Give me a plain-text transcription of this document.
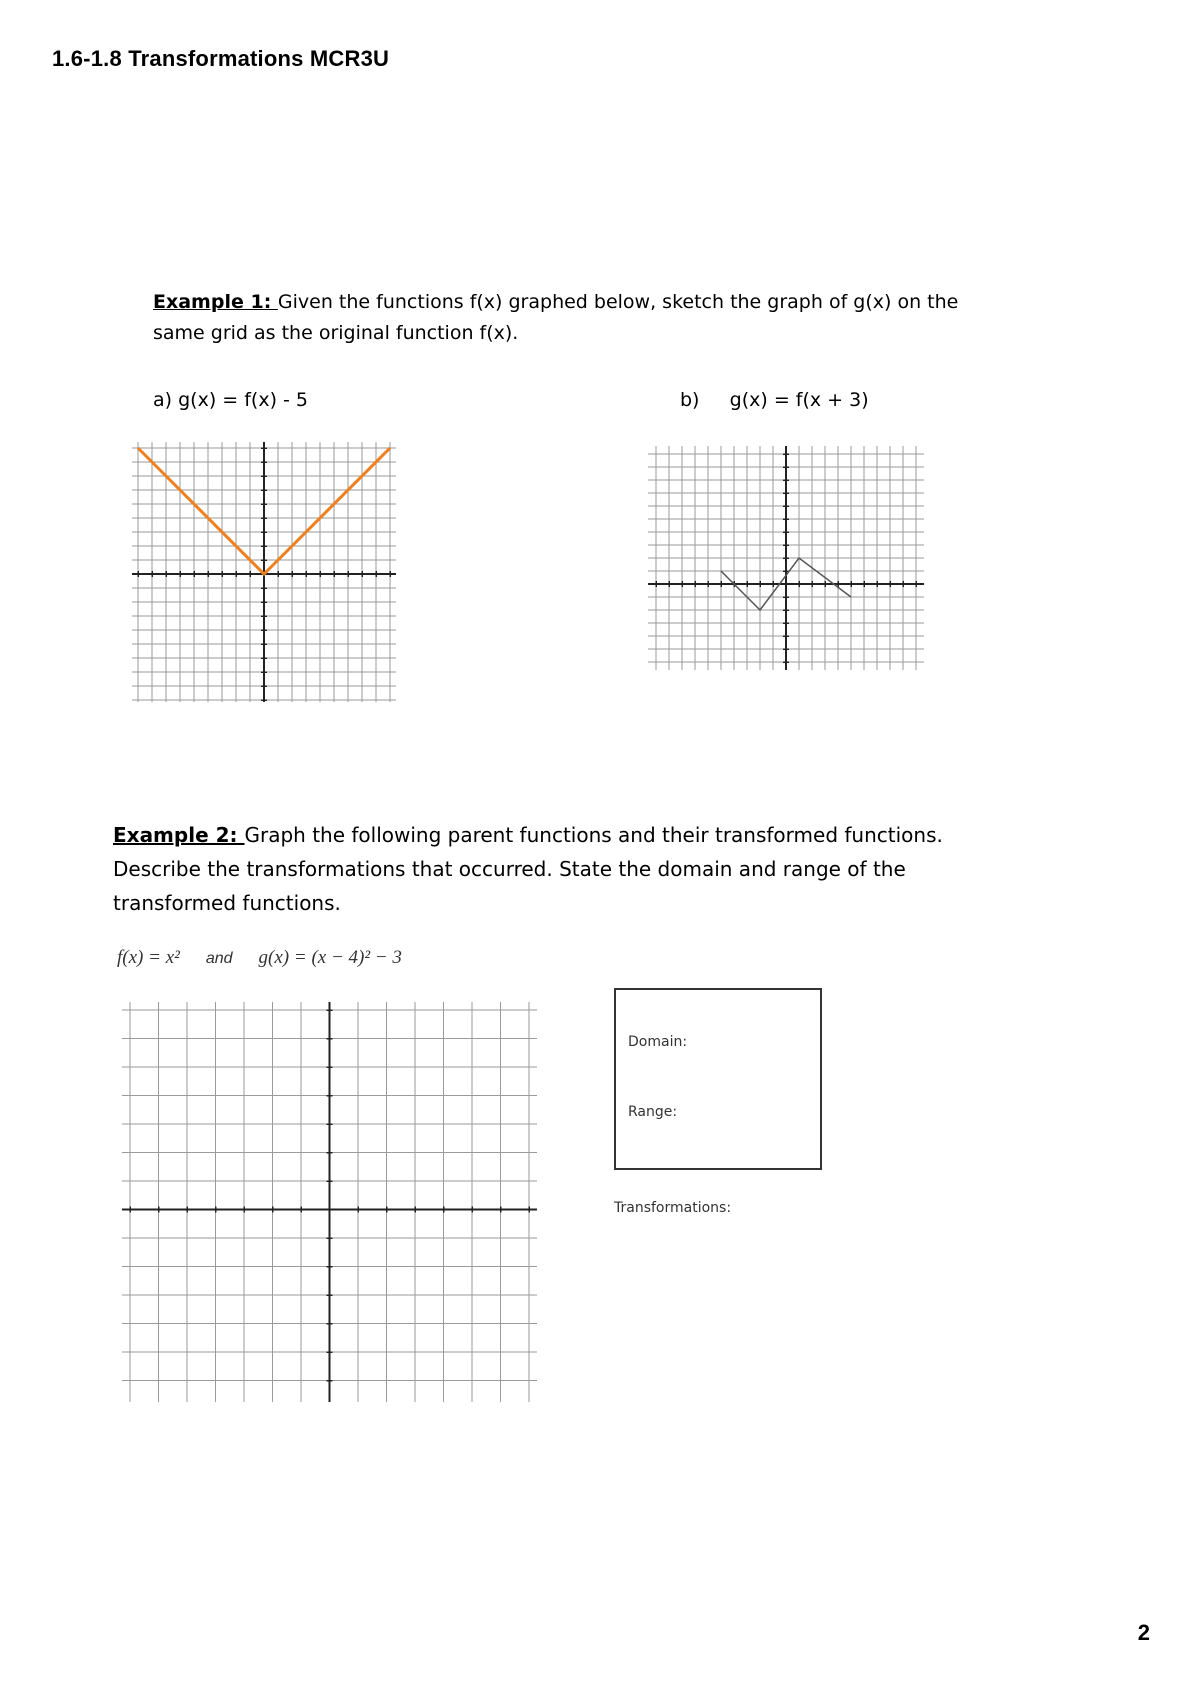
1.6-1.8 Transformations MCR3U
Example 1: Given the functions f(x) graphed below, sketch the graph of g(x) on the
same grid as the original function f(x).
a) g(x) = f(x) - 5	b)     g(x) = f(x + 3)
Example 2: Graph the following parent functions and their transformed functions.
Describe the transformations that occurred. State the domain and range of the
transformed functions.
f(x) = x² and g(x) = (x − 4)² − 3
Domain:
Range:
Transformations:
2
